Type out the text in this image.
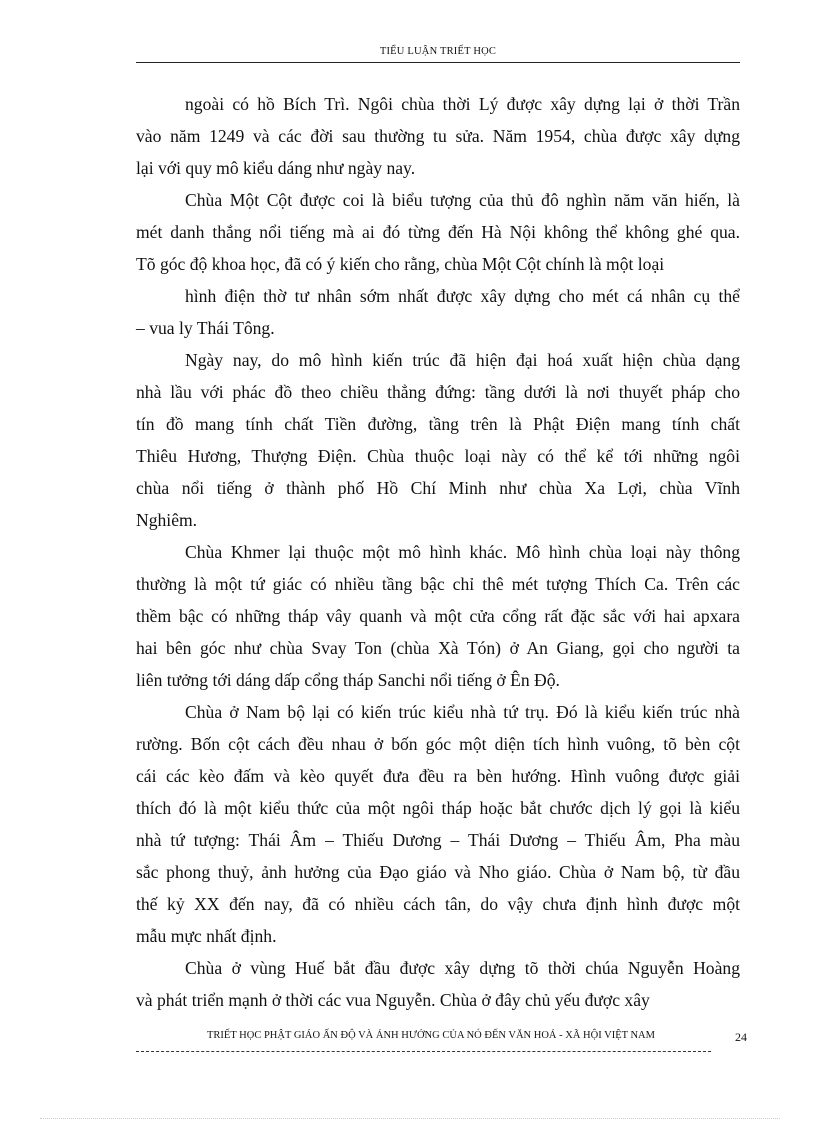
TIỂU LUẬN TRIẾT HỌC

ngoài có hồ Bích Trì. Ngôi chùa thời Lý được xây dựng lại ở thời Trần
vào năm 1249 và các đời sau thường tu sửa. Năm 1954, chùa được xây dựng
lại với quy mô kiểu dáng như ngày nay.

Chùa Một Cột được coi là biểu tượng của thủ đô nghìn năm văn hiến, là
mét danh thắng nổi tiếng mà ai đó từng đến Hà Nội không thể không ghé qua.
Tõ góc độ khoa học, đã có ý kiến cho rằng, chùa Một Cột chính là một loại

hình điện thờ tư nhân sớm nhất được xây dựng cho mét cá nhân cụ thể
– vua ly Thái Tông.

Ngày nay, do mô hình kiến trúc đã hiện đại hoá xuất hiện chùa dạng
nhà lầu với phác đồ theo chiều thẳng đứng: tầng dưới là nơi thuyết pháp cho
tín đồ mang tính chất Tiền đường, tầng trên là Phật Điện mang tính chất
Thiêu Hương, Thượng Điện. Chùa thuộc loại này có thể kể tới những ngôi
chùa nổi tiếng ở thành phố Hồ Chí Minh như chùa Xa Lợi, chùa Vĩnh
Nghiêm.

Chùa Khmer lại thuộc một mô hình khác. Mô hình chùa loại này thông
thường là một tứ giác có nhiều tầng bậc chỉ thê mét tượng Thích Ca. Trên các
thềm bậc có những tháp vây quanh và một cửa cổng rất đặc sắc với hai apxara
hai bên góc như chùa Svay Ton (chùa Xà Tón) ở An Giang, gọi cho người ta
liên tưởng tới dáng dấp cổng tháp Sanchi nổi tiếng ở Ên Độ.

Chùa ở Nam bộ lại có kiến trúc kiểu nhà tứ trụ. Đó là kiểu kiến trúc nhà
rường. Bốn cột cách đều nhau ở bốn góc một diện tích hình vuông, tõ bèn cột
cái các kèo đấm và kèo quyết đưa đều ra bèn hướng. Hình vuông được giải
thích đó là một kiểu thức của một ngôi tháp hoặc bắt chước dịch lý gọi là kiểu
nhà tứ tượng: Thái Âm – Thiếu Dương – Thái Dương – Thiếu Âm, Pha màu
sắc phong thuỷ, ảnh hưởng của Đạo giáo và Nho giáo. Chùa ở Nam bộ, từ đầu
thế kỷ XX đến nay, đã có nhiều cách tân, do vậy chưa định hình được một
mẫu mực nhất định.

Chùa ở vùng Huế bắt đầu được xây dựng tõ thời chúa Nguyễn Hoàng
và phát triển mạnh ở thời các vua Nguyễn. Chùa ở đây chủ yếu được xây

TRIẾT HỌC PHẬT GIÁO ẤN ĐỘ VÀ ẢNH HƯỞNG CỦA NÓ ĐẾN VĂN HOÁ - XÃ HỘI VIỆT NAM	24
